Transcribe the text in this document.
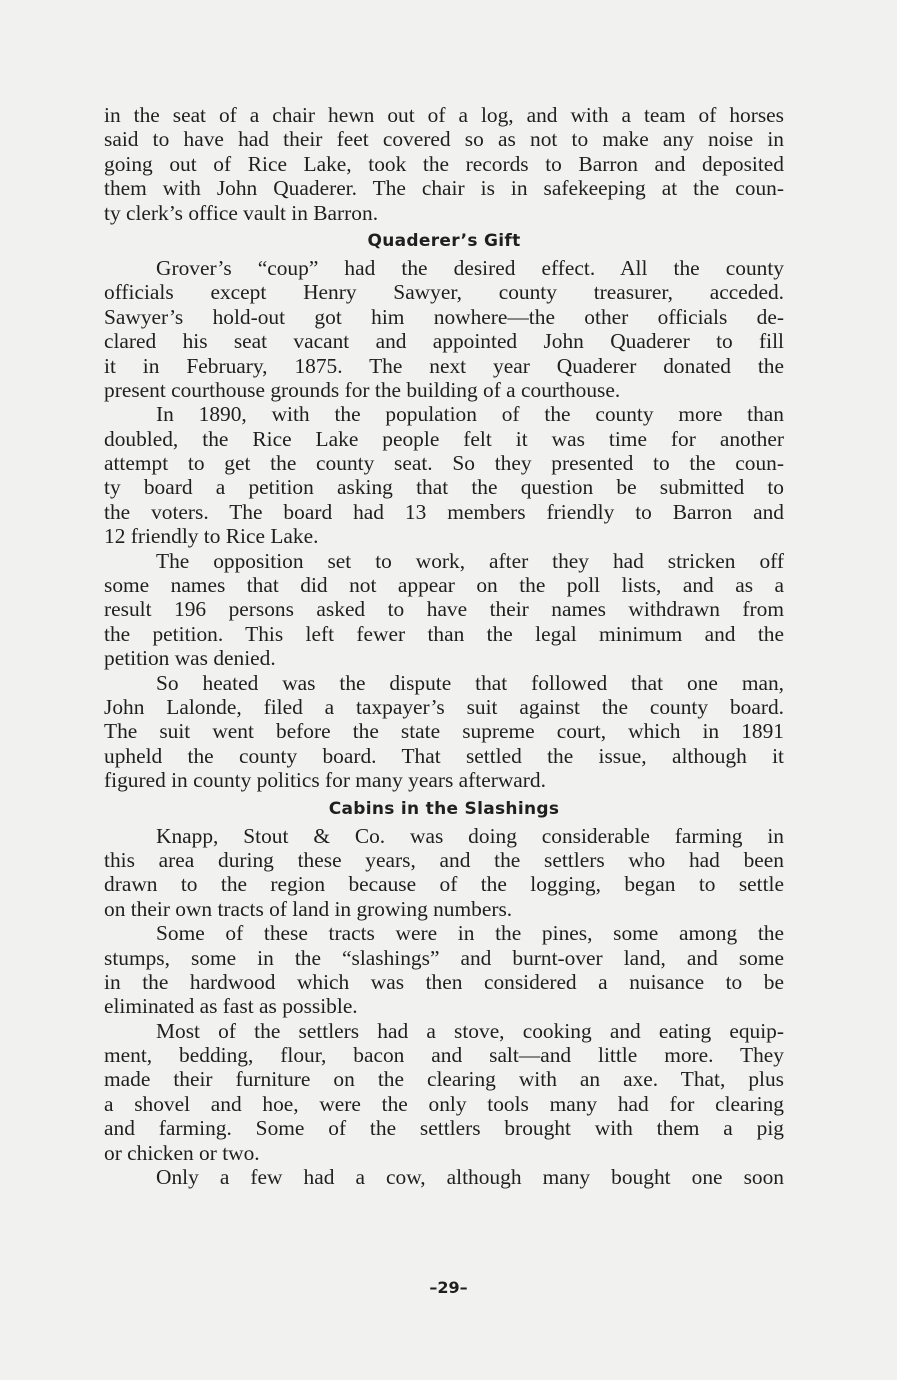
in the seat of a chair hewn out of a log, and with a team of horses
said to have had their feet covered so as not to make any noise in
going out of Rice Lake, took the records to Barron and deposited
them with John Quaderer. The chair is in safekeeping at the coun-
ty clerk’s office vault in Barron.
Quaderer’s Gift
Grover’s “coup” had the desired effect. All the county
officials except Henry Sawyer, county treasurer, acceded.
Sawyer’s hold-out got him nowhere—the other officials de-
clared his seat vacant and appointed John Quaderer to fill
it in February, 1875. The next year Quaderer donated the
present courthouse grounds for the building of a courthouse.
In 1890, with the population of the county more than
doubled, the Rice Lake people felt it was time for another
attempt to get the county seat. So they presented to the coun-
ty board a petition asking that the question be submitted to
the voters. The board had 13 members friendly to Barron and
12 friendly to Rice Lake.
The opposition set to work, after they had stricken off
some names that did not appear on the poll lists, and as a
result 196 persons asked to have their names withdrawn from
the petition. This left fewer than the legal minimum and the
petition was denied.
So heated was the dispute that followed that one man,
John Lalonde, filed a taxpayer’s suit against the county board.
The suit went before the state supreme court, which in 1891
upheld the county board. That settled the issue, although it
figured in county politics for many years afterward.
Cabins in the Slashings
Knapp, Stout & Co. was doing considerable farming in
this area during these years, and the settlers who had been
drawn to the region because of the logging, began to settle
on their own tracts of land in growing numbers.
Some of these tracts were in the pines, some among the
stumps, some in the “slashings” and burnt-over land, and some
in the hardwood which was then considered a nuisance to be
eliminated as fast as possible.
Most of the settlers had a stove, cooking and eating equip-
ment, bedding, flour, bacon and salt—and little more. They
made their furniture on the clearing with an axe. That, plus
a shovel and hoe, were the only tools many had for clearing
and farming. Some of the settlers brought with them a pig
or chicken or two.
Only a few had a cow, although many bought one soon
–29–
